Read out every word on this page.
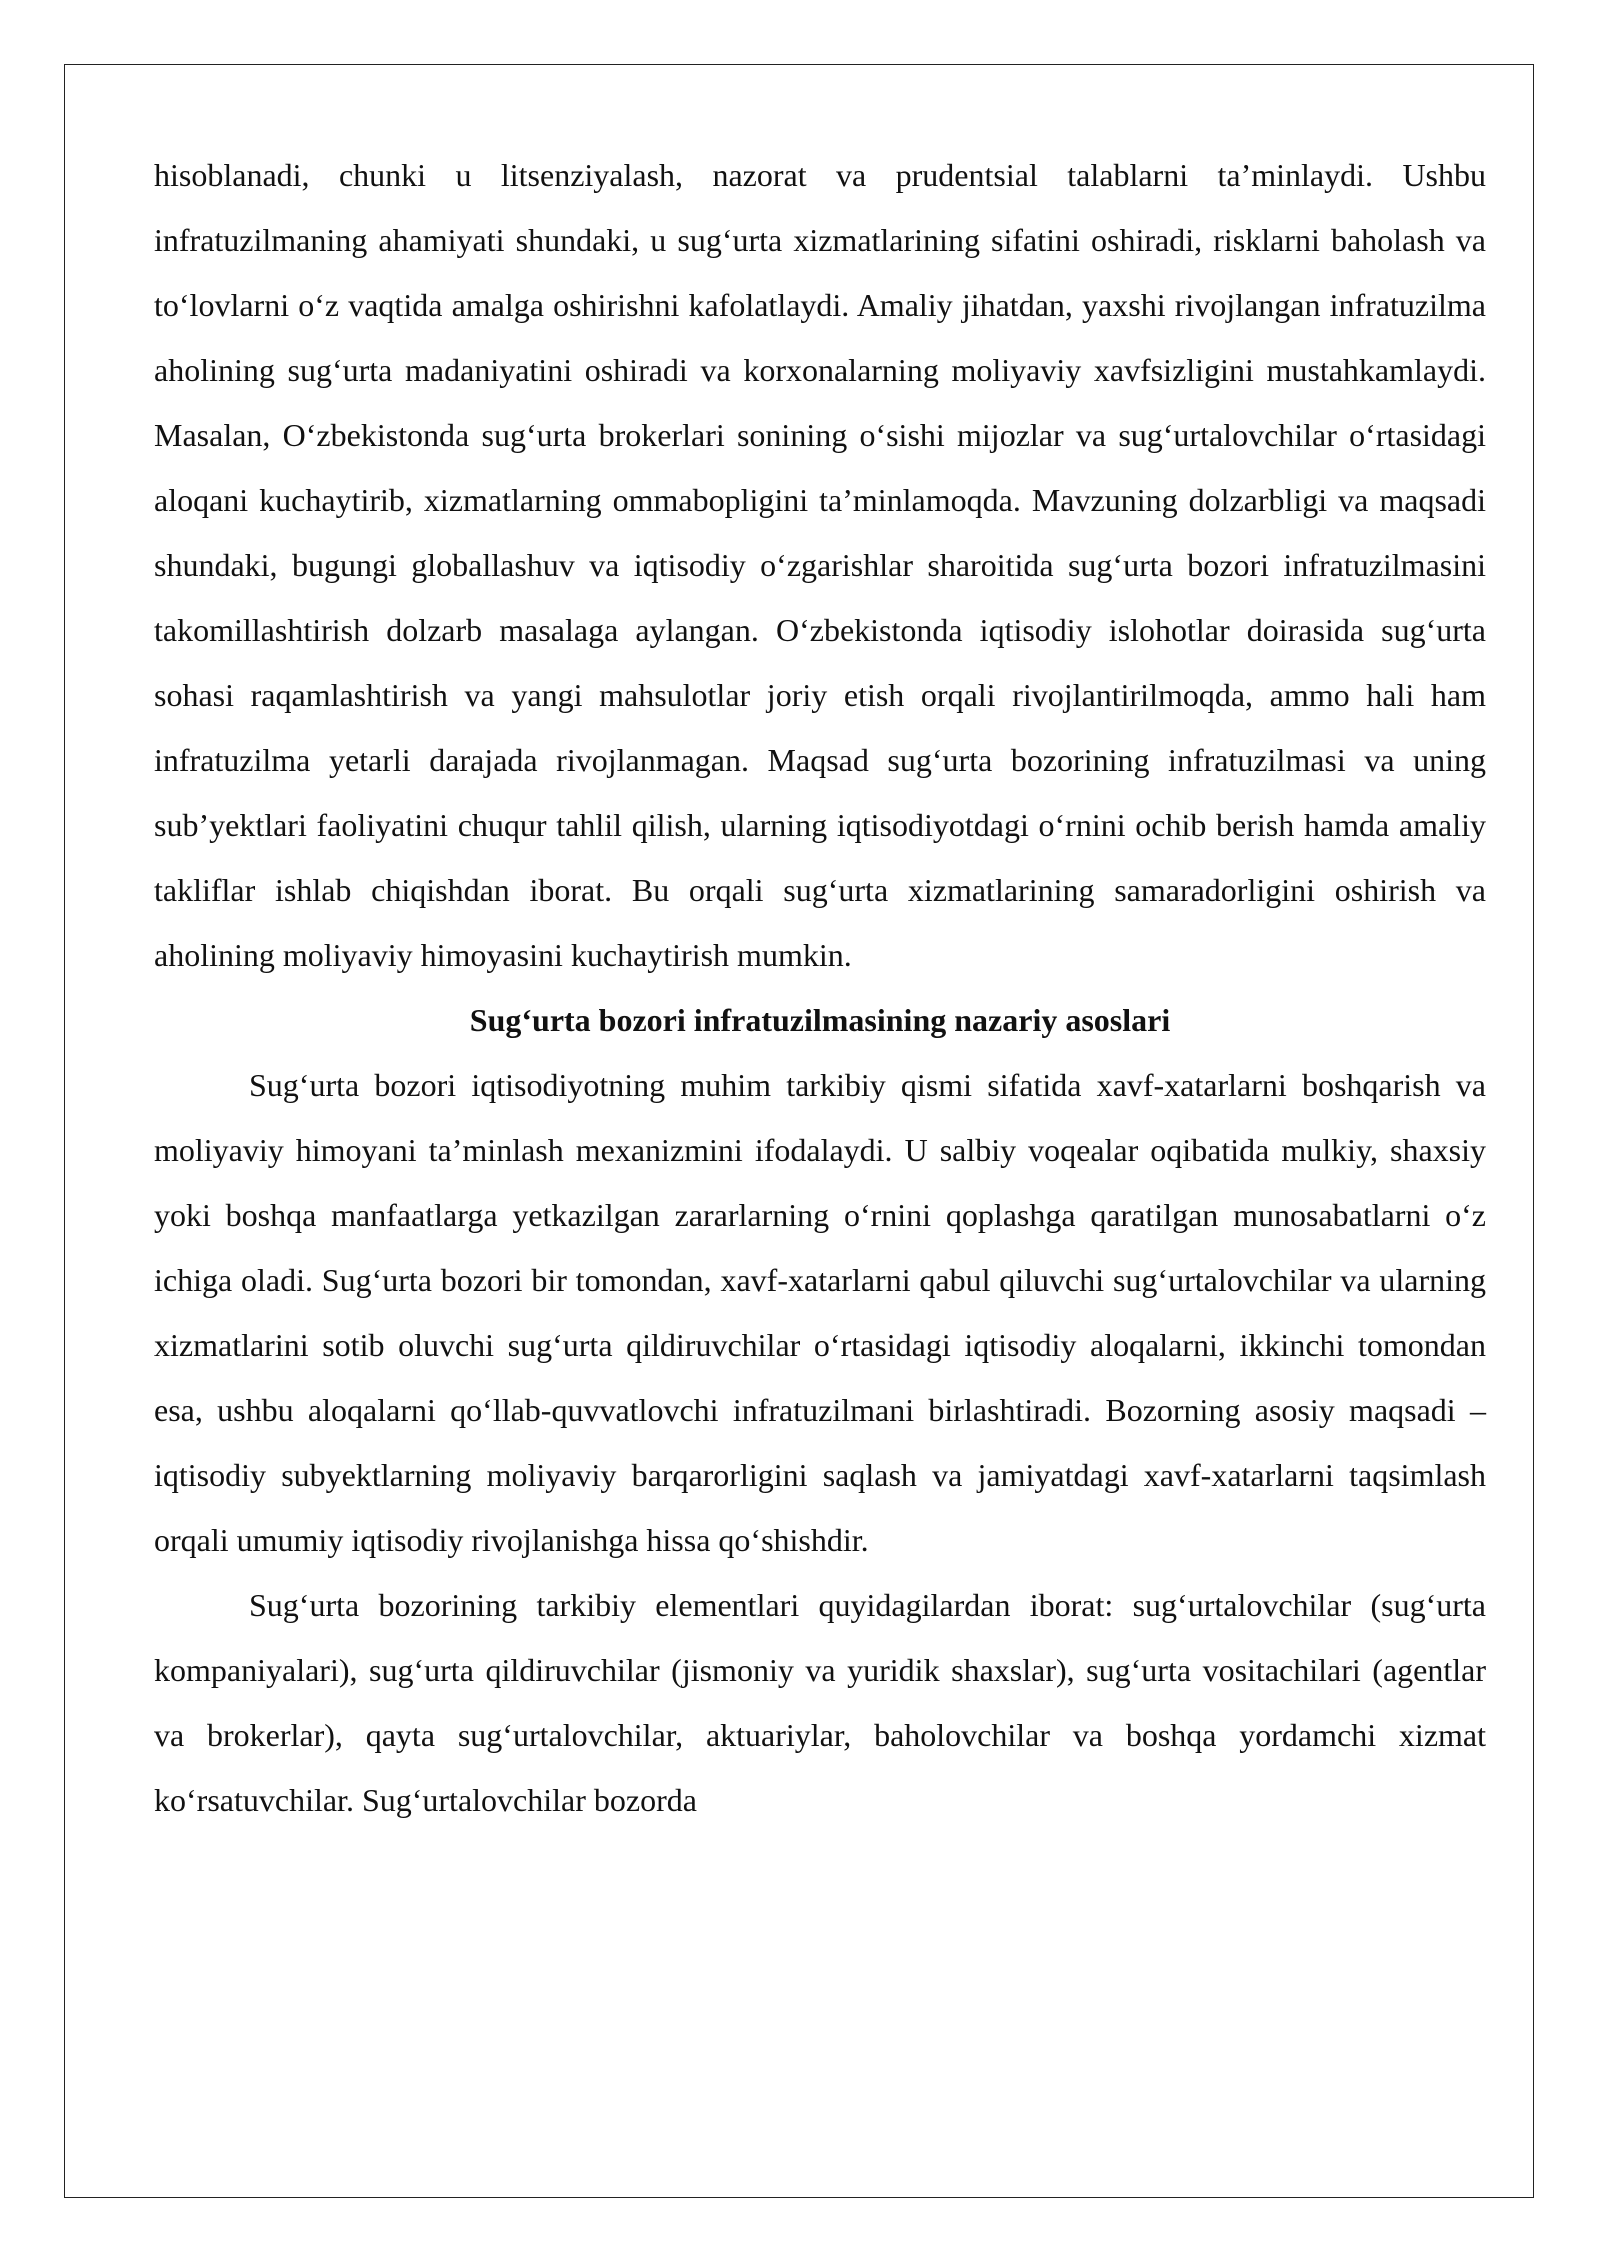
hisoblanadi, chunki u litsenziyalash, nazorat va prudentsial talablarni ta’minlaydi. Ushbu infratuzilmaning ahamiyati shundaki, u sug‘urta xizmatlarining sifatini oshiradi, risklarni baholash va to‘lovlarni o‘z vaqtida amalga oshirishni kafolatlaydi. Amaliy jihatdan, yaxshi rivojlangan infratuzilma aholining sug‘urta madaniyatini oshiradi va korxonalarning moliyaviy xavfsizligini mustahkamlaydi. Masalan, O‘zbekistonda sug‘urta brokerlari sonining o‘sishi mijozlar va sug‘urtalovchilar o‘rtasidagi aloqani kuchaytirib, xizmatlarning ommabopligini ta’minlamoqda. Mavzuning dolzarbligi va maqsadi shundaki, bugungi globallashuv va iqtisodiy o‘zgarishlar sharoitida sug‘urta bozori infratuzilmasini takomillashtirish dolzarb masalaga aylangan. O‘zbekistonda iqtisodiy islohotlar doirasida sug‘urta sohasi raqamlashtirish va yangi mahsulotlar joriy etish orqali rivojlantirilmoqda, ammo hali ham infratuzilma yetarli darajada rivojlanmagan. Maqsad sug‘urta bozorining infratuzilmasi va uning sub’yektlari faoliyatini chuqur tahlil qilish, ularning iqtisodiyotdagi o‘rnini ochib berish hamda amaliy takliflar ishlab chiqishdan iborat. Bu orqali sug‘urta xizmatlarining samaradorligini oshirish va aholining moliyaviy himoyasini kuchaytirish mumkin.

Sug‘urta bozori infratuzilmasining nazariy asoslari

Sug‘urta bozori iqtisodiyotning muhim tarkibiy qismi sifatida xavf-xatarlarni boshqarish va moliyaviy himoyani ta’minlash mexanizmini ifodalaydi. U salbiy voqealar oqibatida mulkiy, shaxsiy yoki boshqa manfaatlarga yetkazilgan zararlarning o‘rnini qoplashga qaratilgan munosabatlarni o‘z ichiga oladi. Sug‘urta bozori bir tomondan, xavf-xatarlarni qabul qiluvchi sug‘urtalovchilar va ularning xizmatlarini sotib oluvchi sug‘urta qildiruvchilar o‘rtasidagi iqtisodiy aloqalarni, ikkinchi tomondan esa, ushbu aloqalarni qo‘llab-quvvatlovchi infratuzilmani birlashtiradi. Bozorning asosiy maqsadi – iqtisodiy subyektlarning moliyaviy barqarorligini saqlash va jamiyatdagi xavf-xatarlarni taqsimlash orqali umumiy iqtisodiy rivojlanishga hissa qo‘shishdir.

Sug‘urta bozorining tarkibiy elementlari quyidagilardan iborat: sug‘urtalovchilar (sug‘urta kompaniyalari), sug‘urta qildiruvchilar (jismoniy va yuridik shaxslar), sug‘urta vositachilari (agentlar va brokerlar), qayta sug‘urtalovchilar, aktuariylar, baholovchilar va boshqa yordamchi xizmat ko‘rsatuvchilar. Sug‘urtalovchilar bozorda
